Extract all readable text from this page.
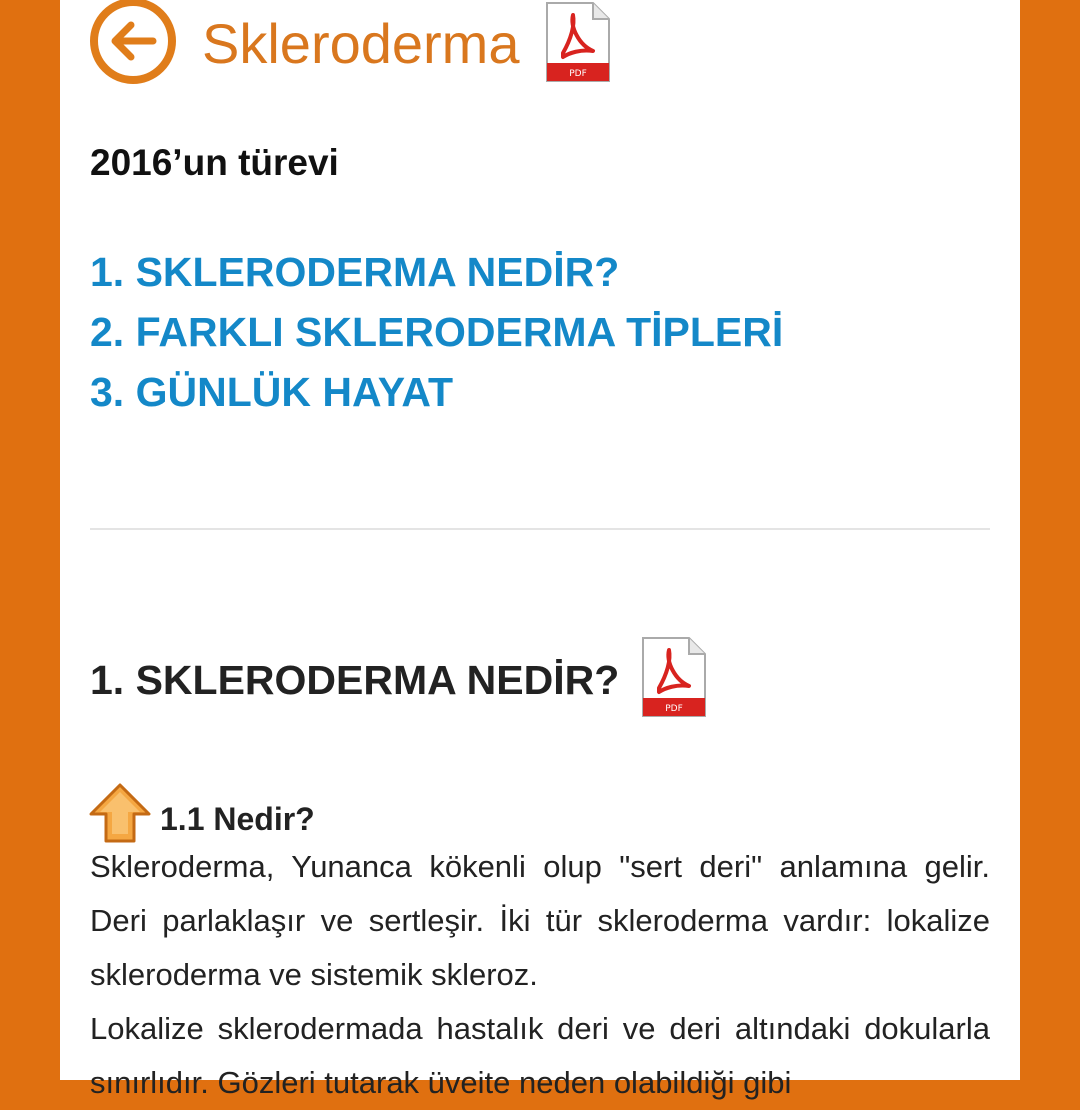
Skleroderma	PDF
2016’un türevi
1. SKLERODERMA NEDİR?
2. FARKLI SKLERODERMA TİPLERİ
3. GÜNLÜK HAYAT
1. SKLERODERMA NEDİR?
PDF
1.1 Nedir?

Skleroderma, Yunanca kökenli olup "sert deri" anlamına gelir. Deri parlaklaşır ve sertleşir. İki tür skleroderma vardır: lokalize skleroderma ve sistemik skleroz.

Lokalize sklerodermada hastalık deri ve deri altındaki dokularla sınırlıdır. Gözleri tutarak üveite neden olabildiği gibi
